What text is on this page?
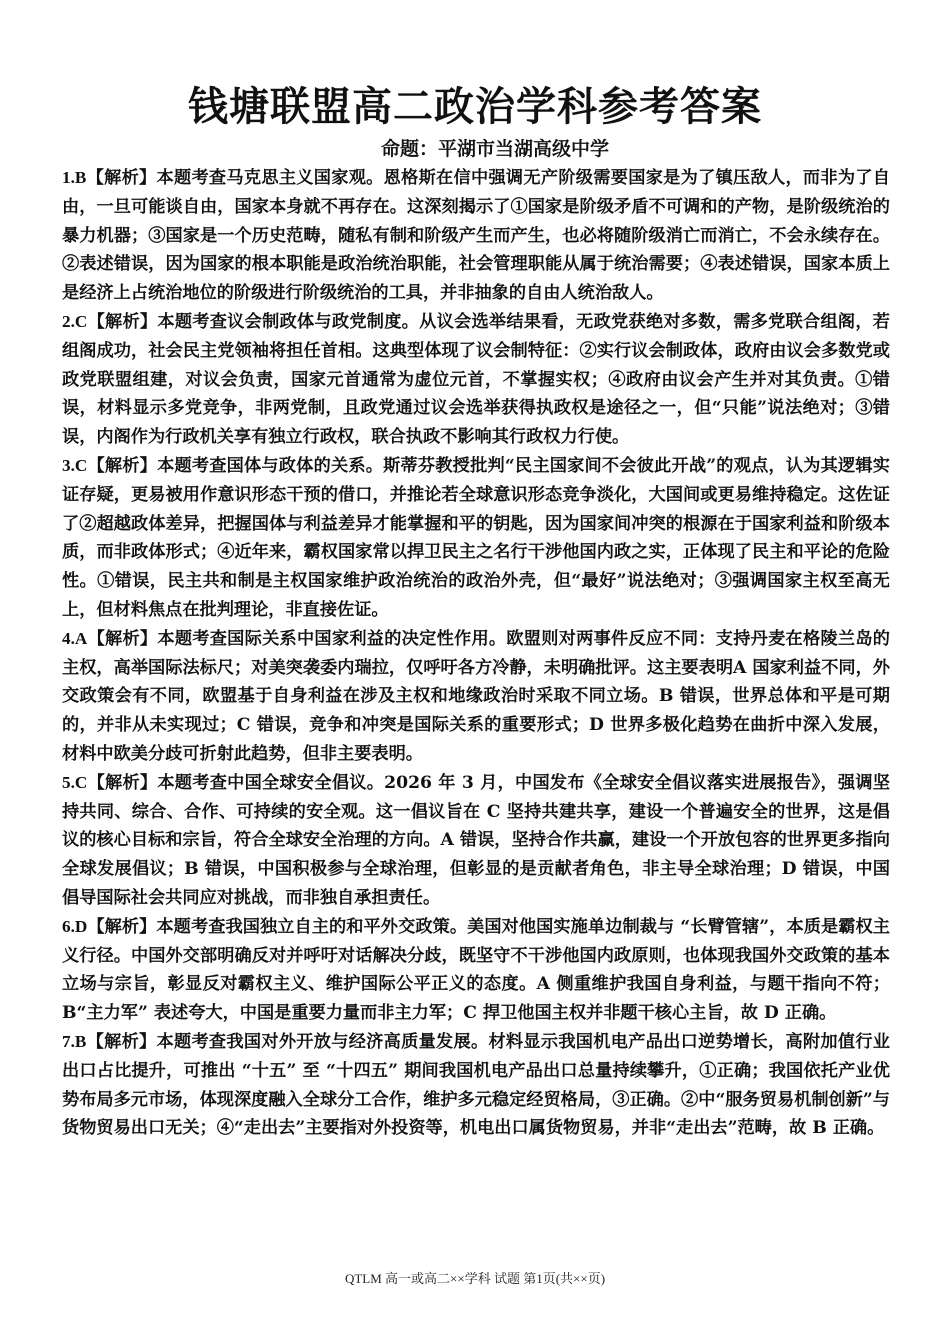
钱塘联盟高二政治学科参考答案
命题：平湖市当湖高级中学

1.B【解析】本题考查马克思主义国家观。恩格斯在信中强调无产阶级需要国家是为了镇压敌人，而非为了自由，一旦可能谈自由，国家本身就不再存在。这深刻揭示了①国家是阶级矛盾不可调和的产物，是阶级统治的暴力机器；③国家是一个历史范畴，随私有制和阶级产生而产生，也必将随阶级消亡而消亡，不会永续存在。②表述错误，因为国家的根本职能是政治统治职能，社会管理职能从属于统治需要；④表述错误，国家本质上是经济上占统治地位的阶级进行阶级统治的工具，并非抽象的自由人统治敌人。

2.C【解析】本题考查议会制政体与政党制度。从议会选举结果看，无政党获绝对多数，需多党联合组阁，若组阁成功，社会民主党领袖将担任首相。这典型体现了议会制特征：②实行议会制政体，政府由议会多数党或政党联盟组建，对议会负责，国家元首通常为虚位元首，不掌握实权；④政府由议会产生并对其负责。①错误，材料显示多党竞争，非两党制，且政党通过议会选举获得执政权是途径之一，但“只能”说法绝对；③错误，内阁作为行政机关享有独立行政权，联合执政不影响其行政权力行使。

3.C【解析】本题考查国体与政体的关系。斯蒂芬教授批判“民主国家间不会彼此开战”的观点，认为其逻辑实证存疑，更易被用作意识形态干预的借口，并推论若全球意识形态竞争淡化，大国间或更易维持稳定。这佐证了②超越政体差异，把握国体与利益差异才能掌握和平的钥匙，因为国家间冲突的根源在于国家利益和阶级本质，而非政体形式；④近年来，霸权国家常以捍卫民主之名行干涉他国内政之实，正体现了民主和平论的危险性。①错误，民主共和制是主权国家维护政治统治的政治外壳，但“最好”说法绝对；③强调国家主权至高无上，但材料焦点在批判理论，非直接佐证。

4.A【解析】本题考查国际关系中国家利益的决定性作用。欧盟则对两事件反应不同：支持丹麦在格陵兰岛的主权，高举国际法标尺；对美突袭委内瑞拉，仅呼吁各方冷静，未明确批评。这主要表明A 国家利益不同，外交政策会有不同，欧盟基于自身利益在涉及主权和地缘政治时采取不同立场。B 错误，世界总体和平是可期的，并非从未实现过；C 错误，竞争和冲突是国际关系的重要形式；D 世界多极化趋势在曲折中深入发展，材料中欧美分歧可折射此趋势，但非主要表明。

5.C【解析】本题考查中国全球安全倡议。2026 年 3 月，中国发布《全球安全倡议落实进展报告》，强调坚持共同、综合、合作、可持续的安全观。这一倡议旨在 C 坚持共建共享，建设一个普遍安全的世界，这是倡议的核心目标和宗旨，符合全球安全治理的方向。A 错误，坚持合作共赢，建设一个开放包容的世界更多指向全球发展倡议；B 错误，中国积极参与全球治理，但彰显的是贡献者角色，非主导全球治理；D 错误，中国倡导国际社会共同应对挑战，而非独自承担责任。

6.D【解析】本题考查我国独立自主的和平外交政策。美国对他国实施单边制裁与 “长臂管辖”，本质是霸权主义行径。中国外交部明确反对并呼吁对话解决分歧，既坚守不干涉他国内政原则，也体现我国外交政策的基本立场与宗旨，彰显反对霸权主义、维护国际公平正义的态度。A 侧重维护我国自身利益，与题干指向不符；B“主力军” 表述夸大，中国是重要力量而非主力军；C 捍卫他国主权并非题干核心主旨，故 D 正确。

7.B【解析】本题考查我国对外开放与经济高质量发展。材料显示我国机电产品出口逆势增长，高附加值行业出口占比提升，可推出 “十五” 至 “十四五” 期间我国机电产品出口总量持续攀升，①正确；我国依托产业优势布局多元市场，体现深度融入全球分工合作，维护多元稳定经贸格局，③正确。②中“服务贸易机制创新”与货物贸易出口无关；④“走出去”主要指对外投资等，机电出口属货物贸易，并非“走出去”范畴，故 B 正确。

QTLM 高一或高二××学科 试题 第1页(共××页)
